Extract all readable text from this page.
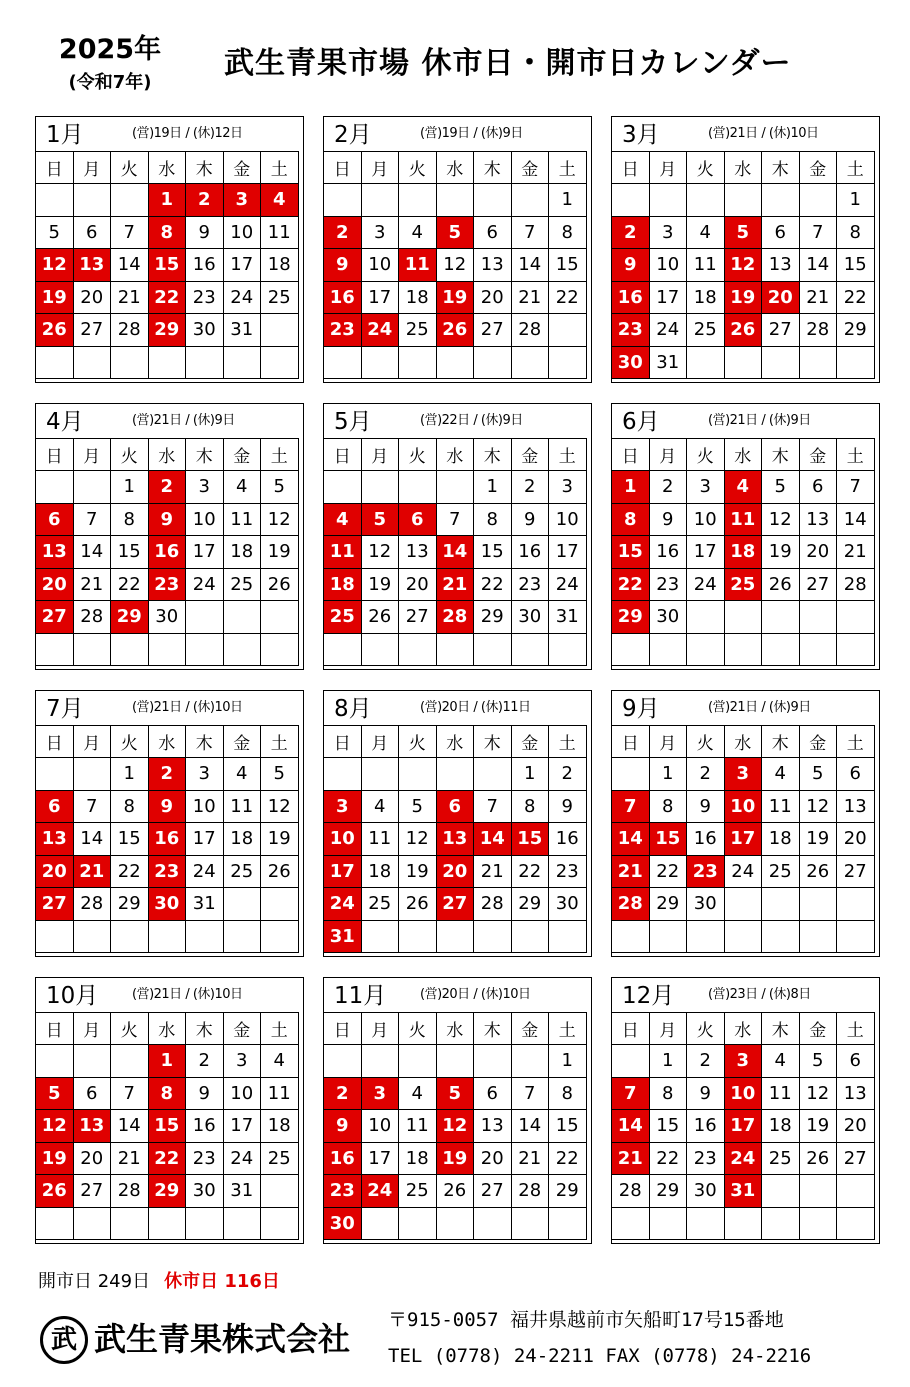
2025年
(令和7年)
武生青果市場 休市日・開市日カレンダー
1月	(営)19日 / (休)12日
日	月	火	水	木	金	土
			1	2	3	4
5	6	7	8	9	10	11
12	13	14	15	16	17	18
19	20	21	22	23	24	25
26	27	28	29	30	31	

2月	(営)19日 / (休)9日
日	月	火	水	木	金	土
						1
2	3	4	5	6	7	8
9	10	11	12	13	14	15
16	17	18	19	20	21	22
23	24	25	26	27	28	

3月	(営)21日 / (休)10日
日	月	火	水	木	金	土
						1
2	3	4	5	6	7	8
9	10	11	12	13	14	15
16	17	18	19	20	21	22
23	24	25	26	27	28	29
30	31					
4月	(営)21日 / (休)9日
日	月	火	水	木	金	土
		1	2	3	4	5
6	7	8	9	10	11	12
13	14	15	16	17	18	19
20	21	22	23	24	25	26
27	28	29	30			

5月	(営)22日 / (休)9日
日	月	火	水	木	金	土
				1	2	3
4	5	6	7	8	9	10
11	12	13	14	15	16	17
18	19	20	21	22	23	24
25	26	27	28	29	30	31

6月	(営)21日 / (休)9日
日	月	火	水	木	金	土
1	2	3	4	5	6	7
8	9	10	11	12	13	14
15	16	17	18	19	20	21
22	23	24	25	26	27	28
29	30					

7月	(営)21日 / (休)10日
日	月	火	水	木	金	土
		1	2	3	4	5
6	7	8	9	10	11	12
13	14	15	16	17	18	19
20	21	22	23	24	25	26
27	28	29	30	31		

8月	(営)20日 / (休)11日
日	月	火	水	木	金	土
					1	2
3	4	5	6	7	8	9
10	11	12	13	14	15	16
17	18	19	20	21	22	23
24	25	26	27	28	29	30
31						
9月	(営)21日 / (休)9日
日	月	火	水	木	金	土
	1	2	3	4	5	6
7	8	9	10	11	12	13
14	15	16	17	18	19	20
21	22	23	24	25	26	27
28	29	30				

10月	(営)21日 / (休)10日
日	月	火	水	木	金	土
			1	2	3	4
5	6	7	8	9	10	11
12	13	14	15	16	17	18
19	20	21	22	23	24	25
26	27	28	29	30	31	

11月	(営)20日 / (休)10日
日	月	火	水	木	金	土
						1
2	3	4	5	6	7	8
9	10	11	12	13	14	15
16	17	18	19	20	21	22
23	24	25	26	27	28	29
30						
12月	(営)23日 / (休)8日
日	月	火	水	木	金	土
	1	2	3	4	5	6
7	8	9	10	11	12	13
14	15	16	17	18	19	20
21	22	23	24	25	26	27
28	29	30	31			

開市日 249日 休市日 116日
武 武生青果株式会社 〒915-0057 福井県越前市矢船町17号15番地
TEL (0778) 24-2211 FAX (0778) 24-2216
